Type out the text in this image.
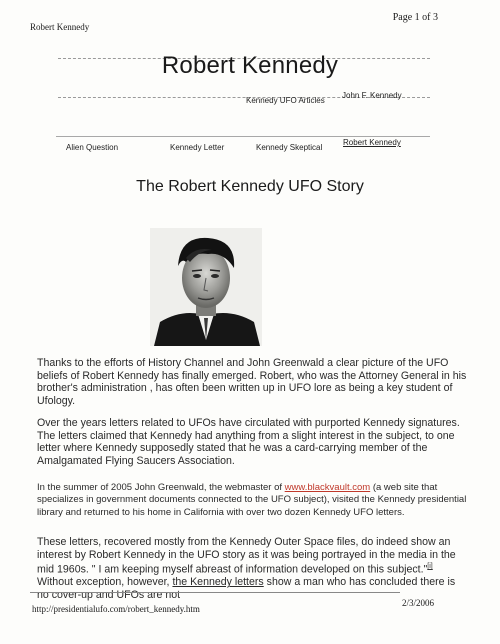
Robert Kennedy
Page 1 of 3
Robert Kennedy
Kennedy UFO Articles
John F. Kennedy
Alien Question	Kennedy Letter	Kennedy Skeptical
Robert Kennedy
The Robert Kennedy UFO Story
Thanks to the efforts of History Channel and John Greenwald a clear picture of the UFO beliefs of Robert Kennedy has finally emerged. Robert, who was the Attorney General in his brother's administration , has often been written up in UFO lore as being a key student of Ufology.
Over the years letters related to UFOs have circulated with purported Kennedy signatures. The letters claimed that Kennedy had anything from a slight interest in the subject, to one letter where Kennedy supposedly stated that he was a card-carrying member of the Amalgamated Flying Saucers Association.
In the summer of 2005 John Greenwald, the webmaster of www.blackvault.com (a web site that specializes in government documents connected to the UFO subject), visited the Kennedy presidential library and returned to his home in California with over two dozen Kennedy UFO letters.
These letters, recovered mostly from the Kennedy Outer Space files, do indeed show an interest by Robert Kennedy in the UFO story as it was being portrayed in the media in the mid 1960s. " I am keeping myself abreast of information developed on this subject."[i] Without exception, however, the Kennedy letters show a man who has concluded there is no cover-up and UFOs are not
http://presidentialufo.com/robert_kennedy.htm
2/3/2006
